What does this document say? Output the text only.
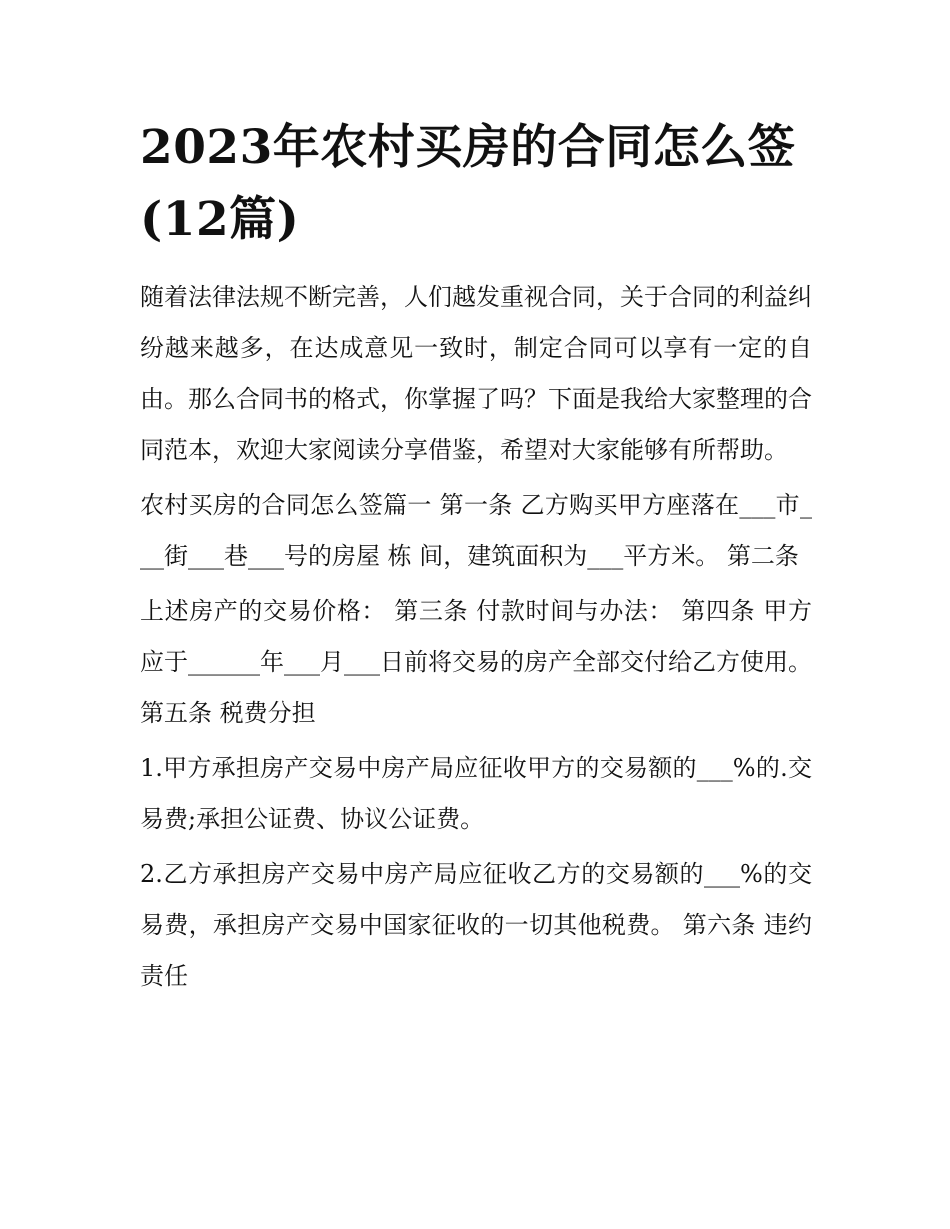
2023年农村买房的合同怎么签(12篇)

随着法律法规不断完善，人们越发重视合同，关于合同的利益纠纷越来越多，在达成意见一致时，制定合同可以享有一定的自由。那么合同书的格式，你掌握了吗？下面是我给大家整理的合同范本，欢迎大家阅读分享借鉴，希望对大家能够有所帮助。

农村买房的合同怎么签篇一 第一条 乙方购买甲方座落在___市___街___巷___号的房屋 栋 间，建筑面积为___平方米。 第二条

上述房产的交易价格： 第三条 付款时间与办法： 第四条 甲方应于______年___月___日前将交易的房产全部交付给乙方使用。 第五条 税费分担

1.甲方承担房产交易中房产局应征收甲方的交易额的___%的.交易费;承担公证费、协议公证费。

2.乙方承担房产交易中房产局应征收乙方的交易额的___%的交易费，承担房产交易中国家征收的一切其他税费。 第六条 违约责任
